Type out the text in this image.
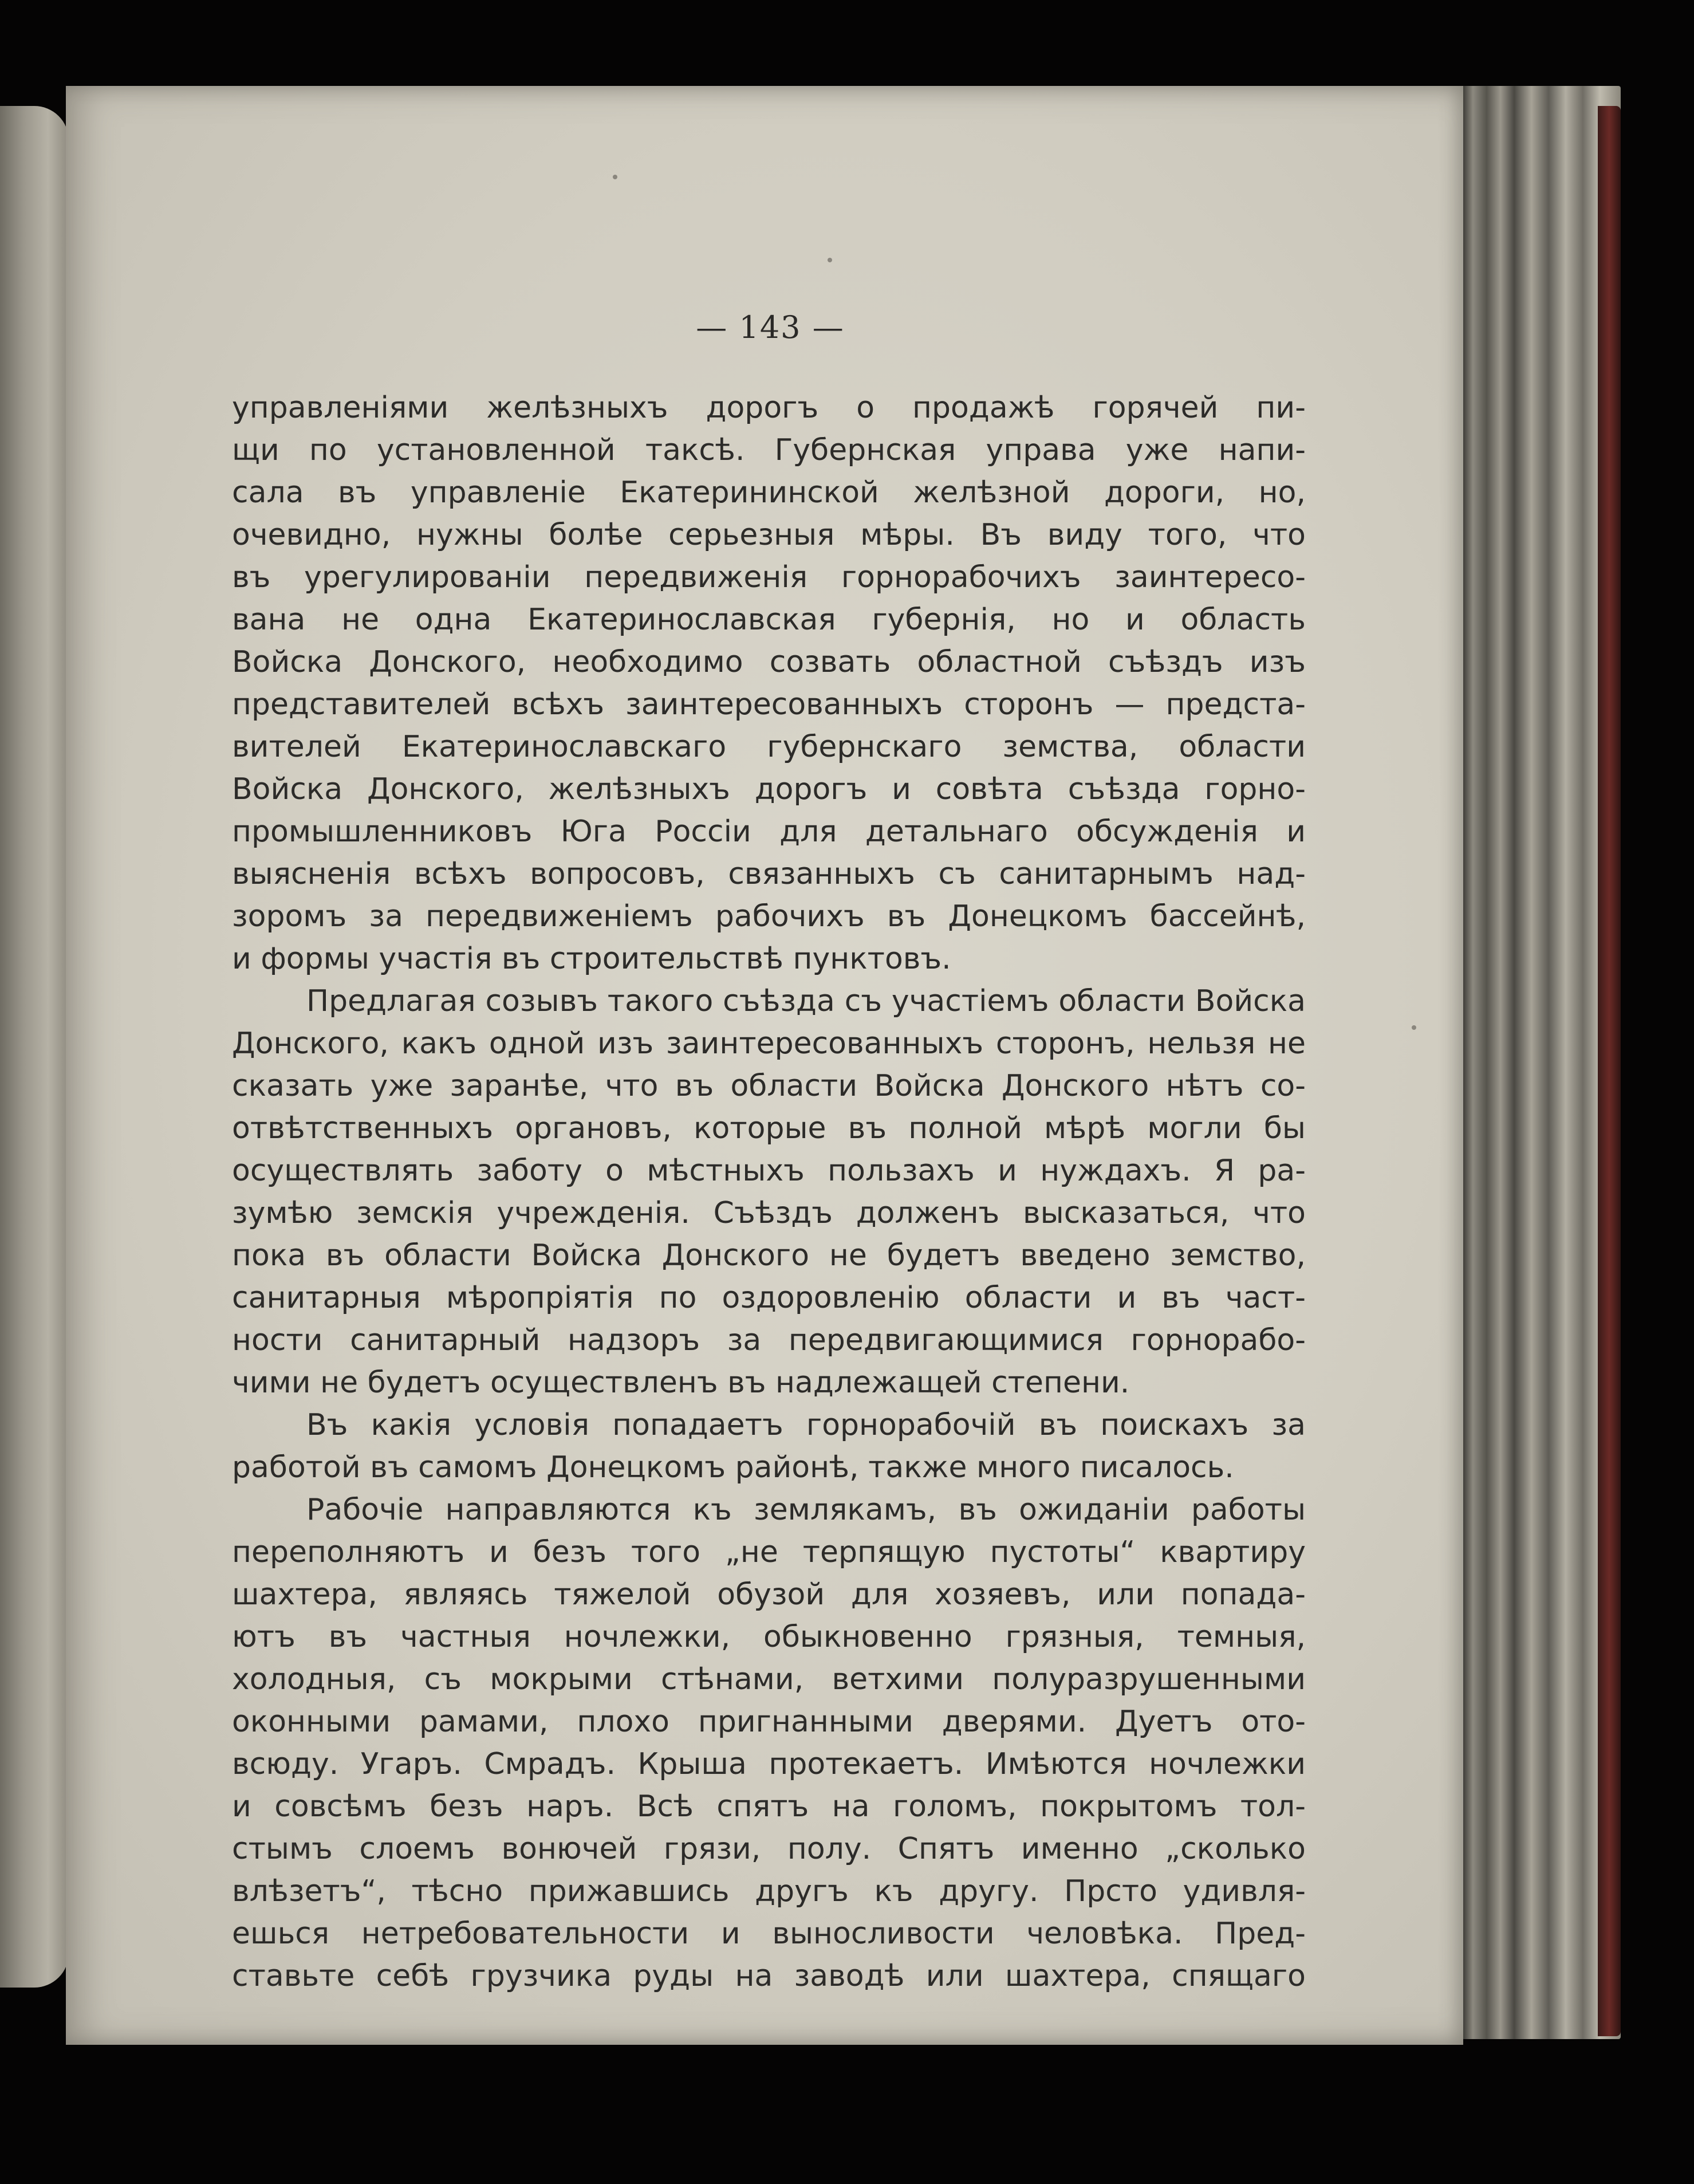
— 143 —
управленіями желѣзныхъ дорогъ о продажѣ горячей пи-
щи по установленной таксѣ. Губернская управа уже напи-
сала въ управленіе Екатерининской желѣзной дороги, но,
очевидно, нужны болѣе серьезныя мѣры. Въ виду того, что
въ урегулированіи передвиженія горнорабочихъ заинтересо-
вана не одна Екатеринославская губернія, но и область
Войска Донского, необходимо созвать областной съѣздъ изъ
представителей всѣхъ заинтересованныхъ сторонъ — предста-
вителей Екатеринославскаго губернскаго земства, области
Войска Донского, желѣзныхъ дорогъ и совѣта съѣзда горно-
промышленниковъ Юга Россіи для детальнаго обсужденія и
выясненія всѣхъ вопросовъ, связанныхъ съ санитарнымъ над-
зоромъ за передвиженіемъ рабочихъ въ Донецкомъ бассейнѣ,
и формы участія въ строительствѣ пунктовъ.
Предлагая созывъ такого съѣзда съ участіемъ области Войска
Донского, какъ одной изъ заинтересованныхъ сторонъ, нельзя не
сказать уже заранѣе, что въ области Войска Донского нѣтъ со-
отвѣтственныхъ органовъ, которые въ полной мѣрѣ могли бы
осуществлять заботу о мѣстныхъ пользахъ и нуждахъ. Я ра-
зумѣю земскія учрежденія. Съѣздъ долженъ высказаться, что
пока въ области Войска Донского не будетъ введено земство,
санитарныя мѣропріятія по оздоровленію области и въ част-
ности санитарный надзоръ за передвигающимися горнорабо-
чими не будетъ осуществленъ въ надлежащей степени.
Въ какія условія попадаетъ горнорабочій въ поискахъ за
работой въ самомъ Донецкомъ районѣ, также много писалось.
Рабочіе направляются къ землякамъ, въ ожиданіи работы
переполняютъ и безъ того „не терпящую пустоты“ квартиру
шахтера, являясь тяжелой обузой для хозяевъ, или попада-
ютъ въ частныя ночлежки, обыкновенно грязныя, темныя,
холодныя, съ мокрыми стѣнами, ветхими полуразрушенными
оконными рамами, плохо пригнанными дверями. Дуетъ ото-
всюду. Угаръ. Смрадъ. Крыша протекаетъ. Имѣются ночлежки
и совсѣмъ безъ наръ. Всѣ спятъ на голомъ, покрытомъ тол-
стымъ слоемъ вонючей грязи, полу. Спятъ именно „сколько
влѣзетъ“, тѣсно прижавшись другъ къ другу. Прсто удивля-
ешься нетребовательности и выносливости человѣка. Пред-
ставьте себѣ грузчика руды на заводѣ или шахтера, спящаго
